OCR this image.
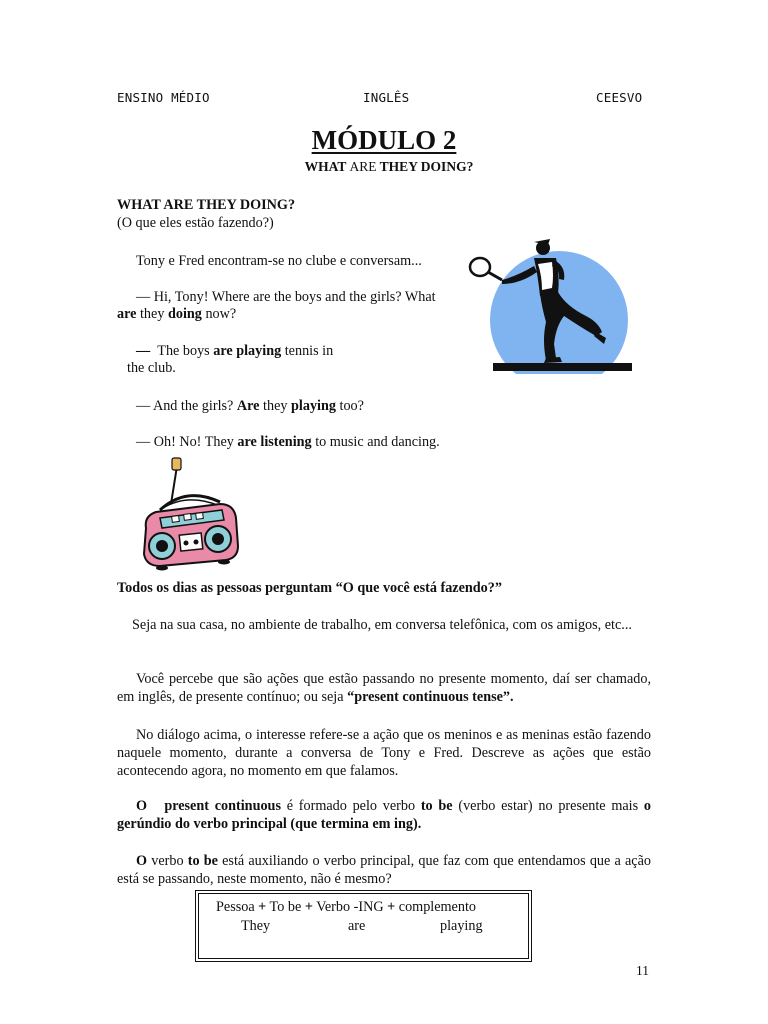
ENSINO MÉDIO	INGLÊS	CEESVO
MÓDULO 2
WHAT ARE THEY DOING?
WHAT ARE THEY DOING?
(O que eles estão fazendo?)
Tony e Fred encontram-se no clube e conversam...
— Hi, Tony! Where are the boys and the girls? What
are they doing now?
— The boys are playing tennis in
the club.
— And the girls? Are they playing too?
— Oh! No! They are listening to music and dancing.
Todos os dias as pessoas perguntam “O que você está fazendo?”
Seja na sua casa, no ambiente de trabalho, em conversa telefônica, com os amigos, etc...
Você percebe que são ações que estão passando no presente momento, daí ser chamado, em inglês, de presente contínuo; ou seja “present continuous tense”.
No diálogo acima, o interesse refere-se a ação que os meninos e as meninas estão fazendo naquele momento, durante a conversa de Tony e Fred. Descreve as ações que estão acontecendo agora, no momento em que falamos.
O present continuous é formado pelo verbo to be (verbo estar) no presente mais o gerúndio do verbo principal (que termina em ing).
O verbo to be está auxiliando o verbo principal, que faz com que entendamos que a ação está se passando, neste momento, não é mesmo?
Pessoa + To be + Verbo -ING + complemento
They	are	playing
11
